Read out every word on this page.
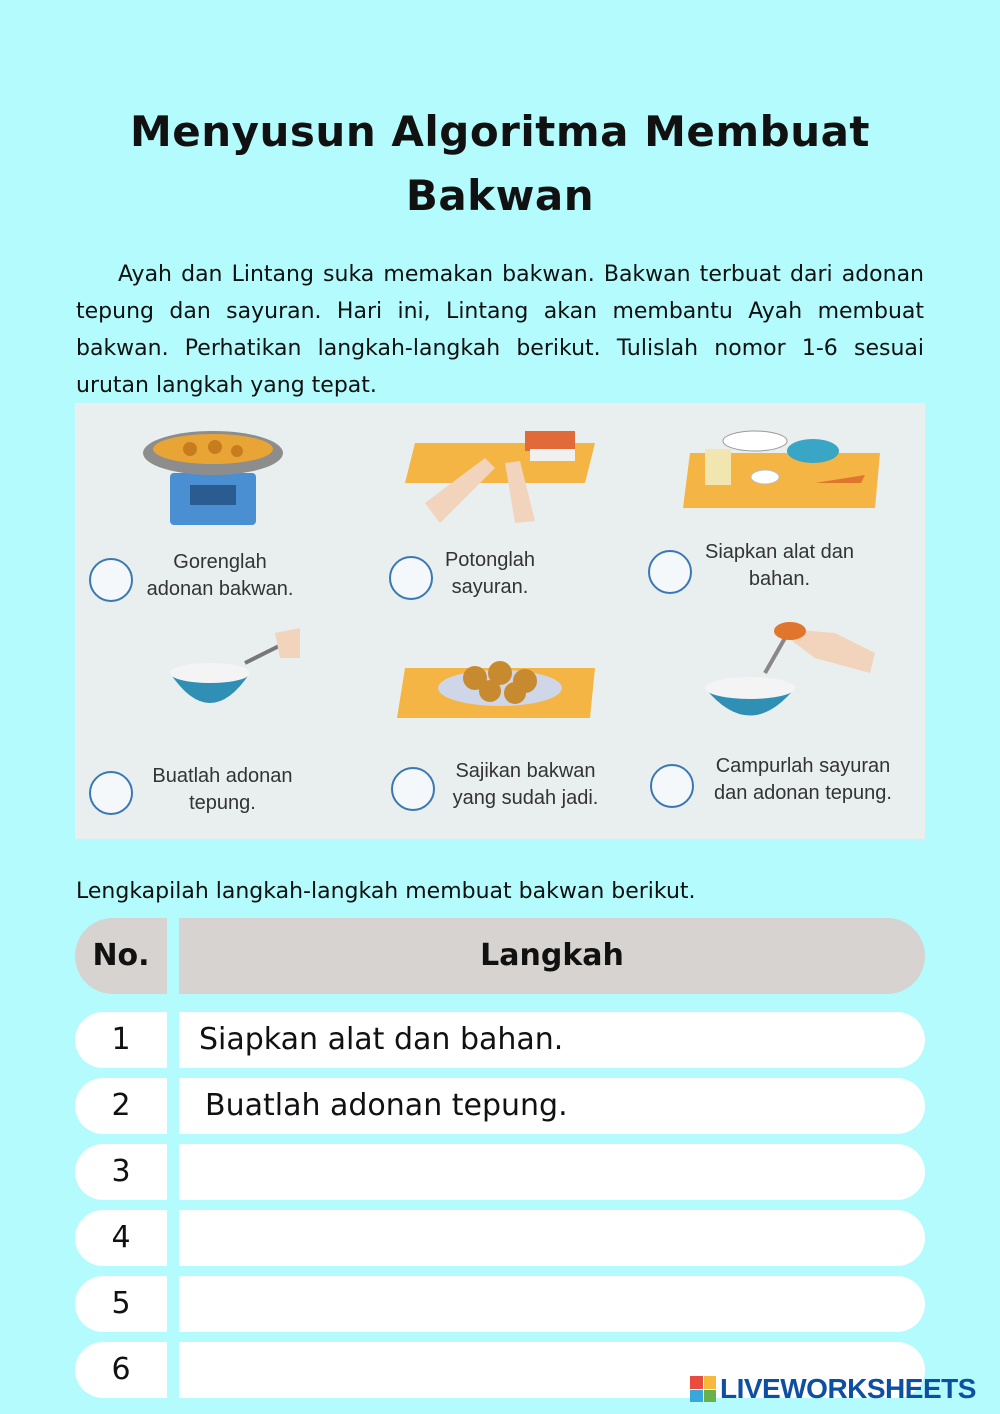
Menyusun Algoritma Membuat
Bakwan

Ayah dan Lintang suka memakan bakwan. Bakwan terbuat dari adonan tepung dan sayuran. Hari ini, Lintang akan membantu Ayah membuat bakwan. Perhatikan langkah-langkah berikut. Tulislah nomor 1-6 sesuai urutan langkah yang tepat.

Gorenglah
adonan bakwan.
Potonglah
sayuran.
Siapkan alat dan
bahan.
Buatlah adonan
tepung.
Sajikan bakwan
yang sudah jadi.
Campurlah sayuran
dan adonan tepung.

Lengkapilah langkah-langkah membuat bakwan berikut.

No.	Langkah
1	Siapkan alat dan bahan.
2	Buatlah adonan tepung.
3
4
5
6
LIVEWORKSHEETS
